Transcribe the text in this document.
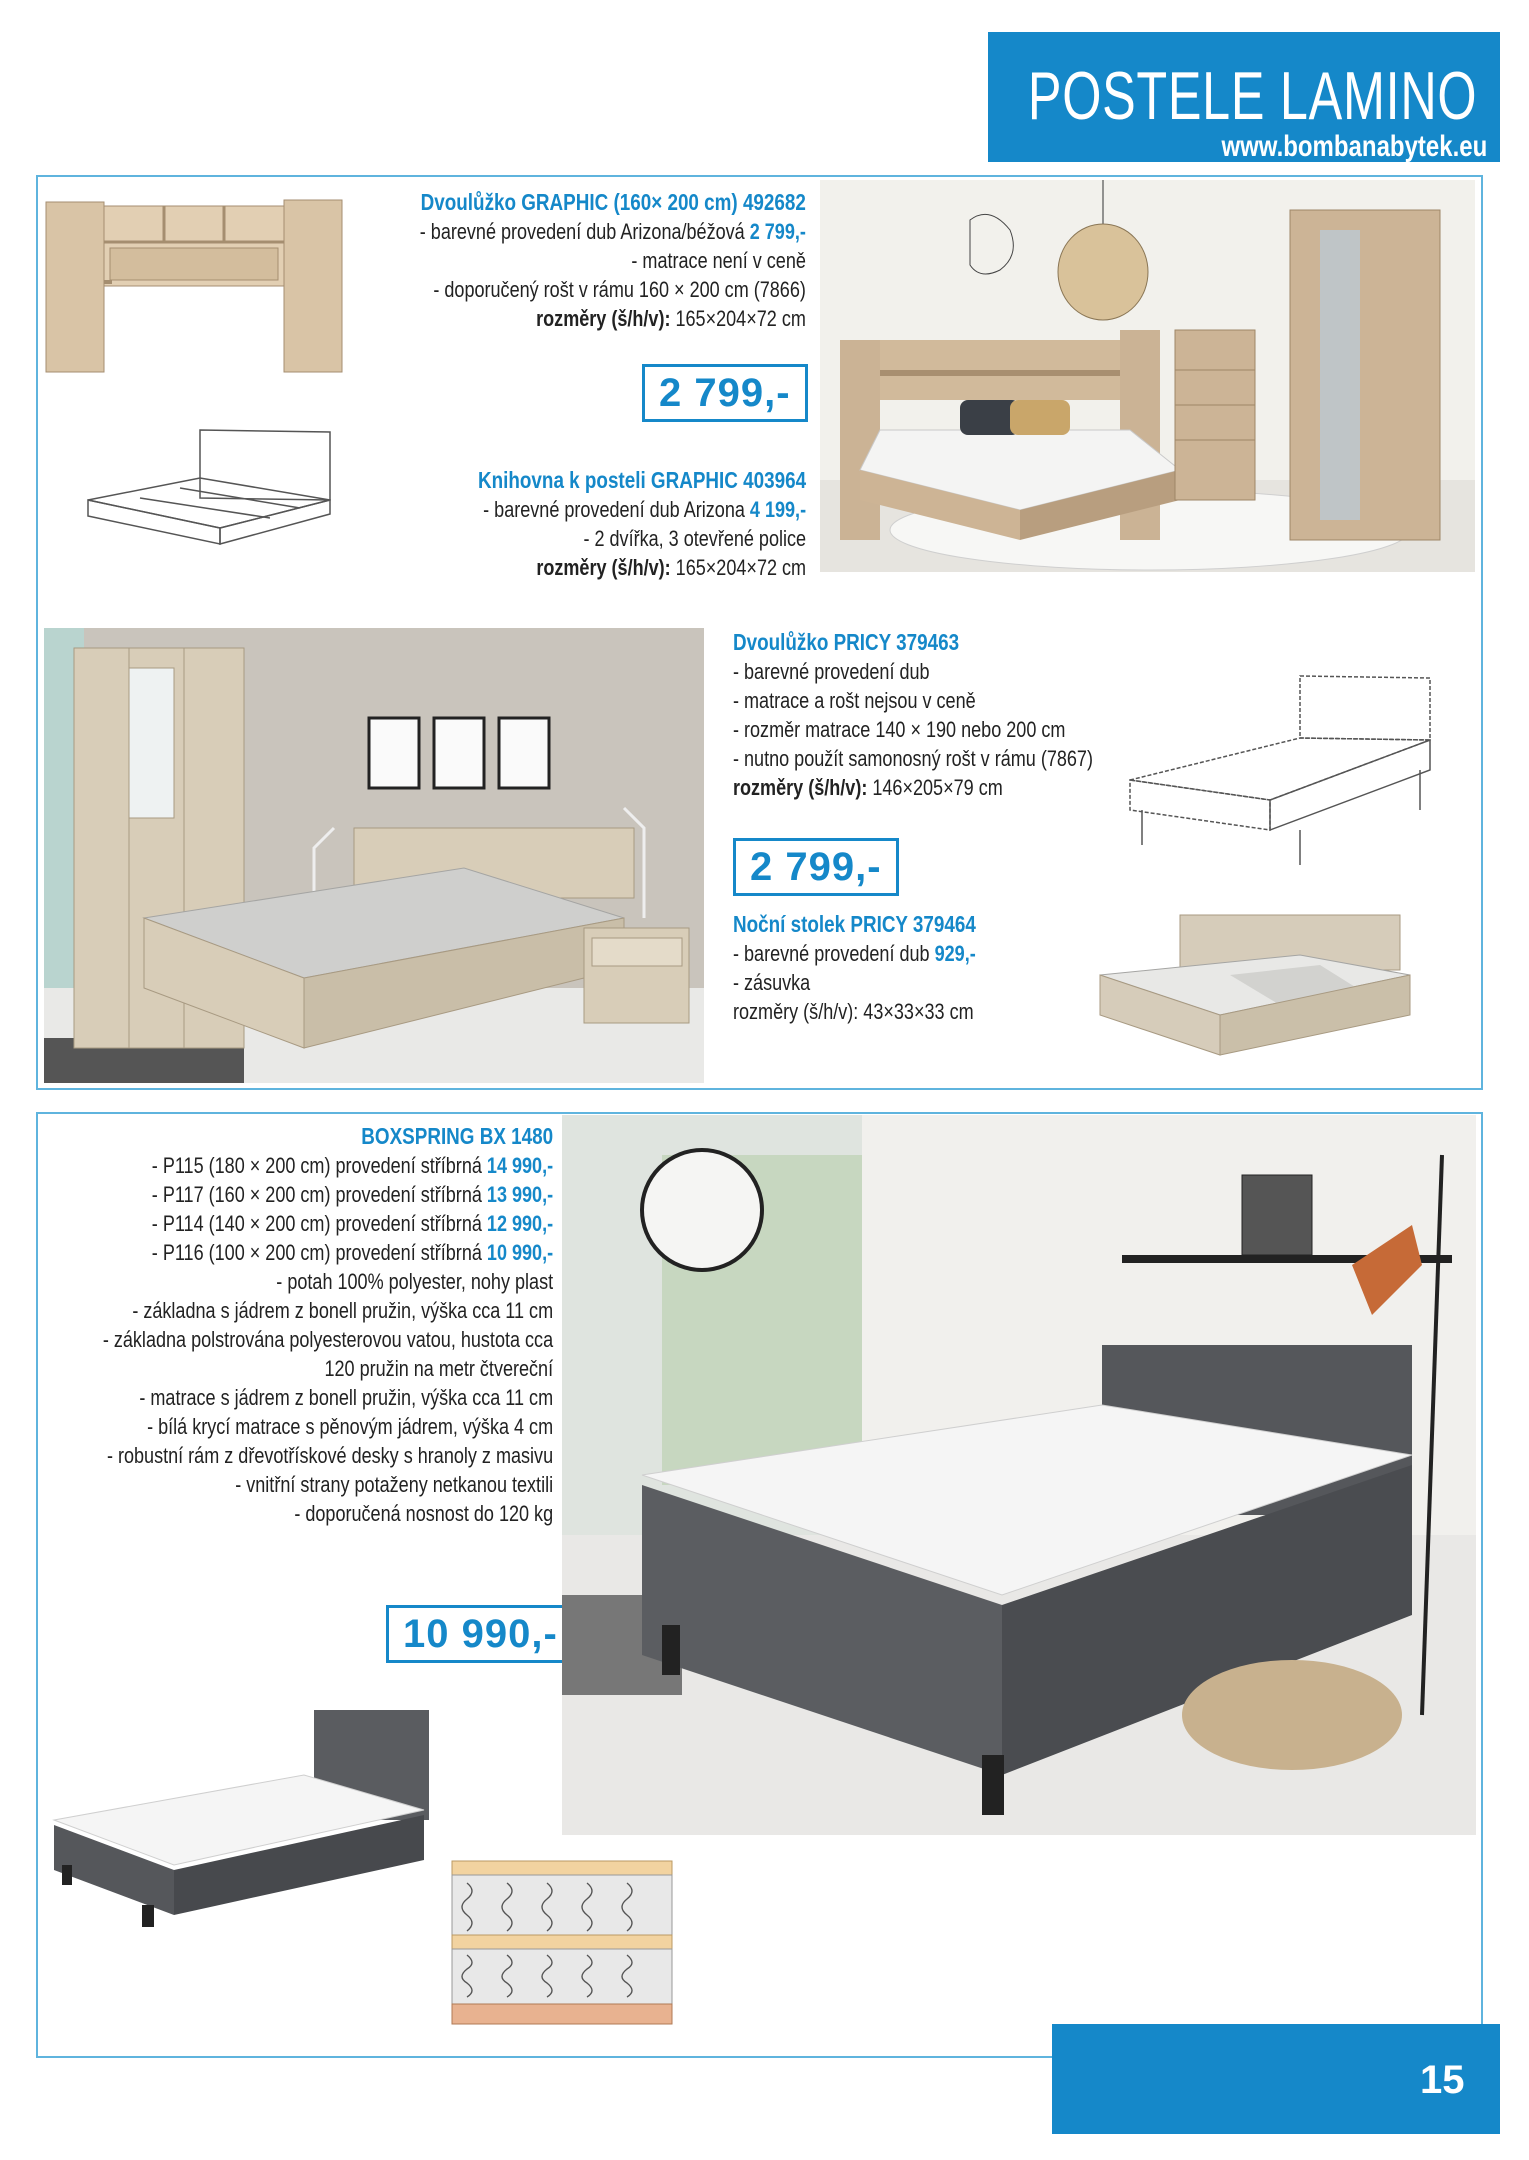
POSTELE LAMINO
www.bombanabytek.eu
Dvoulůžko GRAPHIC (160× 200 cm) 492682
- barevné provedení dub Arizona/béžová 2 799,-
- matrace není v ceně
- doporučený rošt v rámu 160 × 200 cm (7866)
rozměry (š/h/v): 165×204×72 cm
2 799,-
Knihovna k posteli GRAPHIC 403964
- barevné provedení dub Arizona 4 199,-
- 2 dvířka, 3 otevřené police
rozměry (š/h/v): 165×204×72 cm
Dvoulůžko PRICY 379463
- barevné provedení dub
- matrace a rošt nejsou v ceně
- rozměr matrace 140 × 190 nebo 200 cm
- nutno použít samonosný rošt v rámu (7867)
rozměry (š/h/v): 146×205×79 cm
2 799,-
Noční stolek PRICY 379464
- barevné provedení dub 929,-
- zásuvka
rozměry (š/h/v): 43×33×33 cm
BOXSPRING BX 1480
- P115 (180 × 200 cm) provedení stříbrná 14 990,-
- P117 (160 × 200 cm) provedení stříbrná 13 990,-
- P114 (140 × 200 cm) provedení stříbrná 12 990,-
- P116 (100 × 200 cm) provedení stříbrná 10 990,-
- potah 100% polyester, nohy plast
- základna s jádrem z bonell pružin, výška cca 11 cm
- základna polstrována polyesterovou vatou, hustota cca
120 pružin na metr čtvereční
- matrace s jádrem z bonell pružin, výška cca 11 cm
- bílá krycí matrace s pěnovým jádrem, výška 4 cm
- robustní rám z dřevotřískové desky s hranoly z masivu
- vnitřní strany potaženy netkanou textili
- doporučená nosnost do 120 kg
10 990,-
15
